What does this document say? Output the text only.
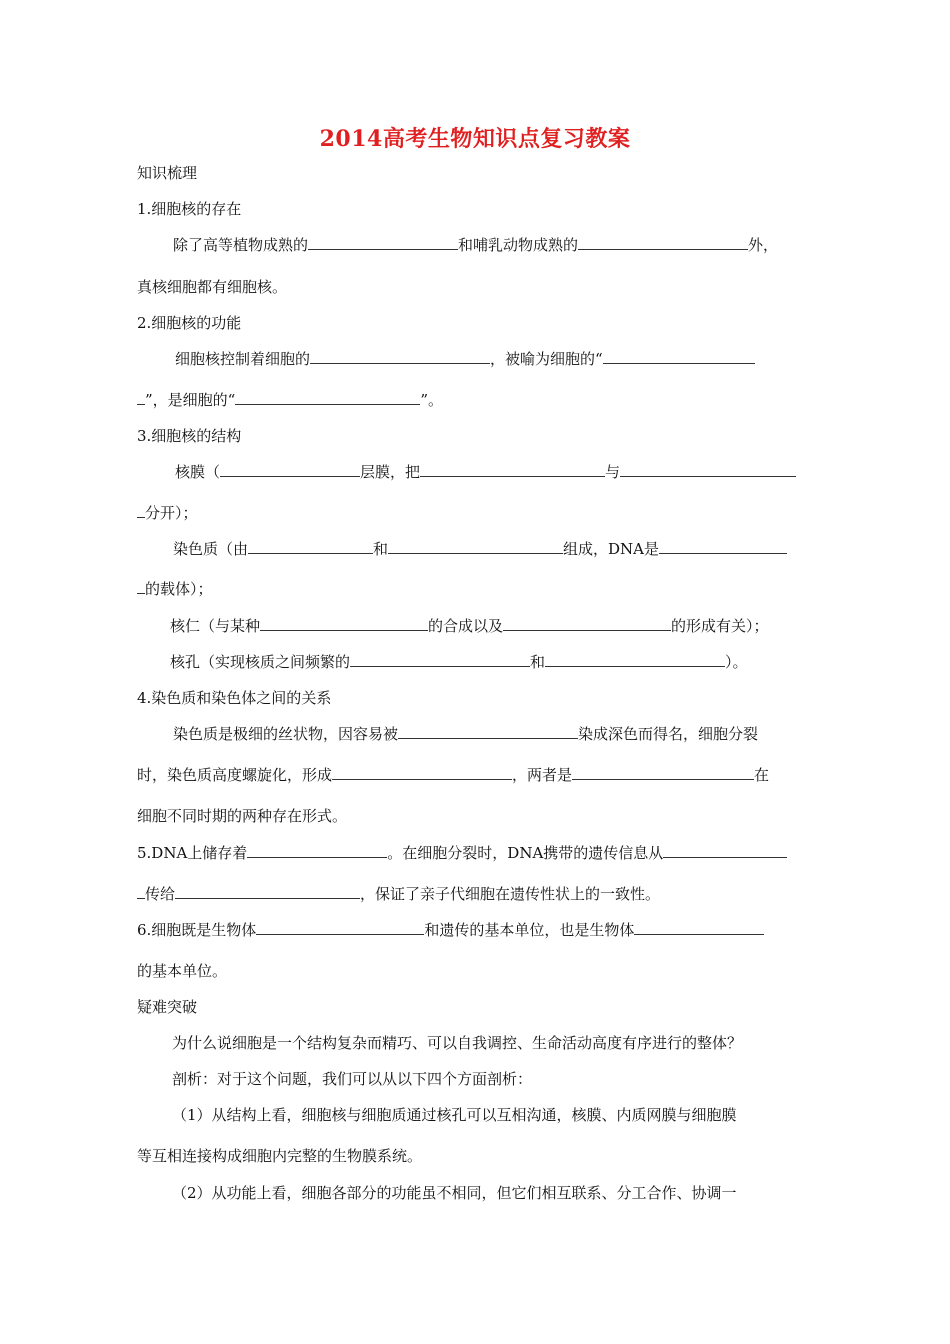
2014高考生物知识点复习教案
知识梳理
1.细胞核的存在
除了高等植物成熟的	和哺乳动物成熟的	外，
真核细胞都有细胞核。
2.细胞核的功能
细胞核控制着细胞的	，被喻为细胞的“
”，是细胞的“	”。
3.细胞核的结构
核膜（	层膜，把	与
分开）；
染色质（由	和	组成，DNA是
的载体）；
核仁（与某种	的合成以及	的形成有关）；
核孔（实现核质之间频繁的	和	）。
4.染色质和染色体之间的关系
染色质是极细的丝状物，因容易被	染成深色而得名，细胞分裂
时，染色质高度螺旋化，形成	，两者是	在
细胞不同时期的两种存在形式。
5.DNA上储存着	。在细胞分裂时，DNA携带的遗传信息从
传给	，保证了亲子代细胞在遗传性状上的一致性。
6.细胞既是生物体	和遗传的基本单位，也是生物体
的基本单位。
疑难突破
为什么说细胞是一个结构复杂而精巧、可以自我调控、生命活动高度有序进行的整体？
剖析：对于这个问题，我们可以从以下四个方面剖析：
（1）从结构上看，细胞核与细胞质通过核孔可以互相沟通，核膜、内质网膜与细胞膜
等互相连接构成细胞内完整的生物膜系统。
（2）从功能上看，细胞各部分的功能虽不相同，但它们相互联系、分工合作、协调一
